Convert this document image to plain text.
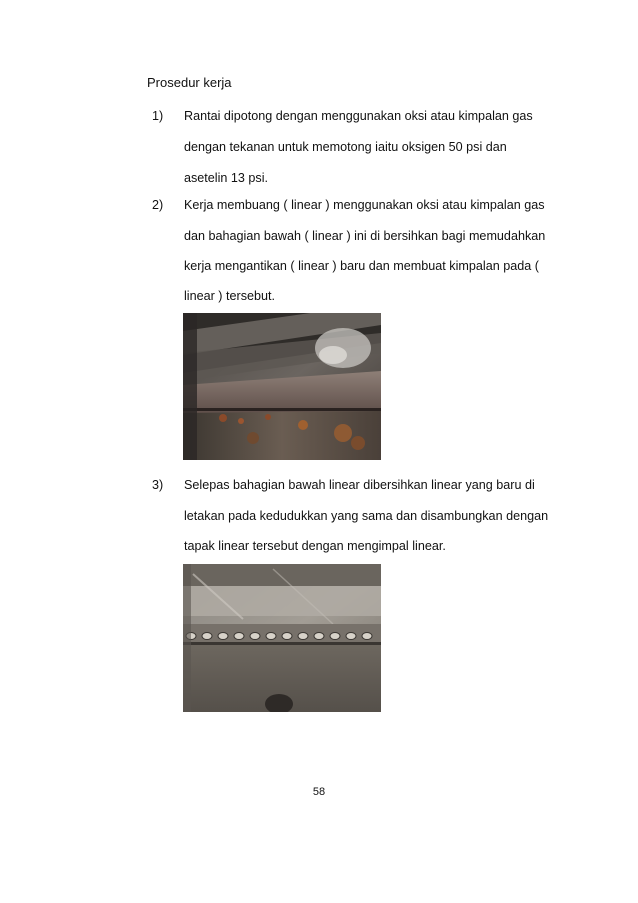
Prosedur kerja
1) Rantai dipotong dengan menggunakan oksi atau kimpalan gas
dengan tekanan untuk memotong iaitu oksigen 50 psi dan
asetelin 13 psi.
2) Kerja membuang ( linear ) menggunakan oksi atau kimpalan gas
dan bahagian bawah ( linear ) ini di bersihkan bagi memudahkan
kerja mengantikan ( linear ) baru dan membuat kimpalan pada (
linear ) tersebut.
3) Selepas bahagian bawah linear dibersihkan linear yang baru di
letakan pada kedudukkan yang sama dan disambungkan dengan
tapak linear tersebut dengan mengimpal linear.
58
